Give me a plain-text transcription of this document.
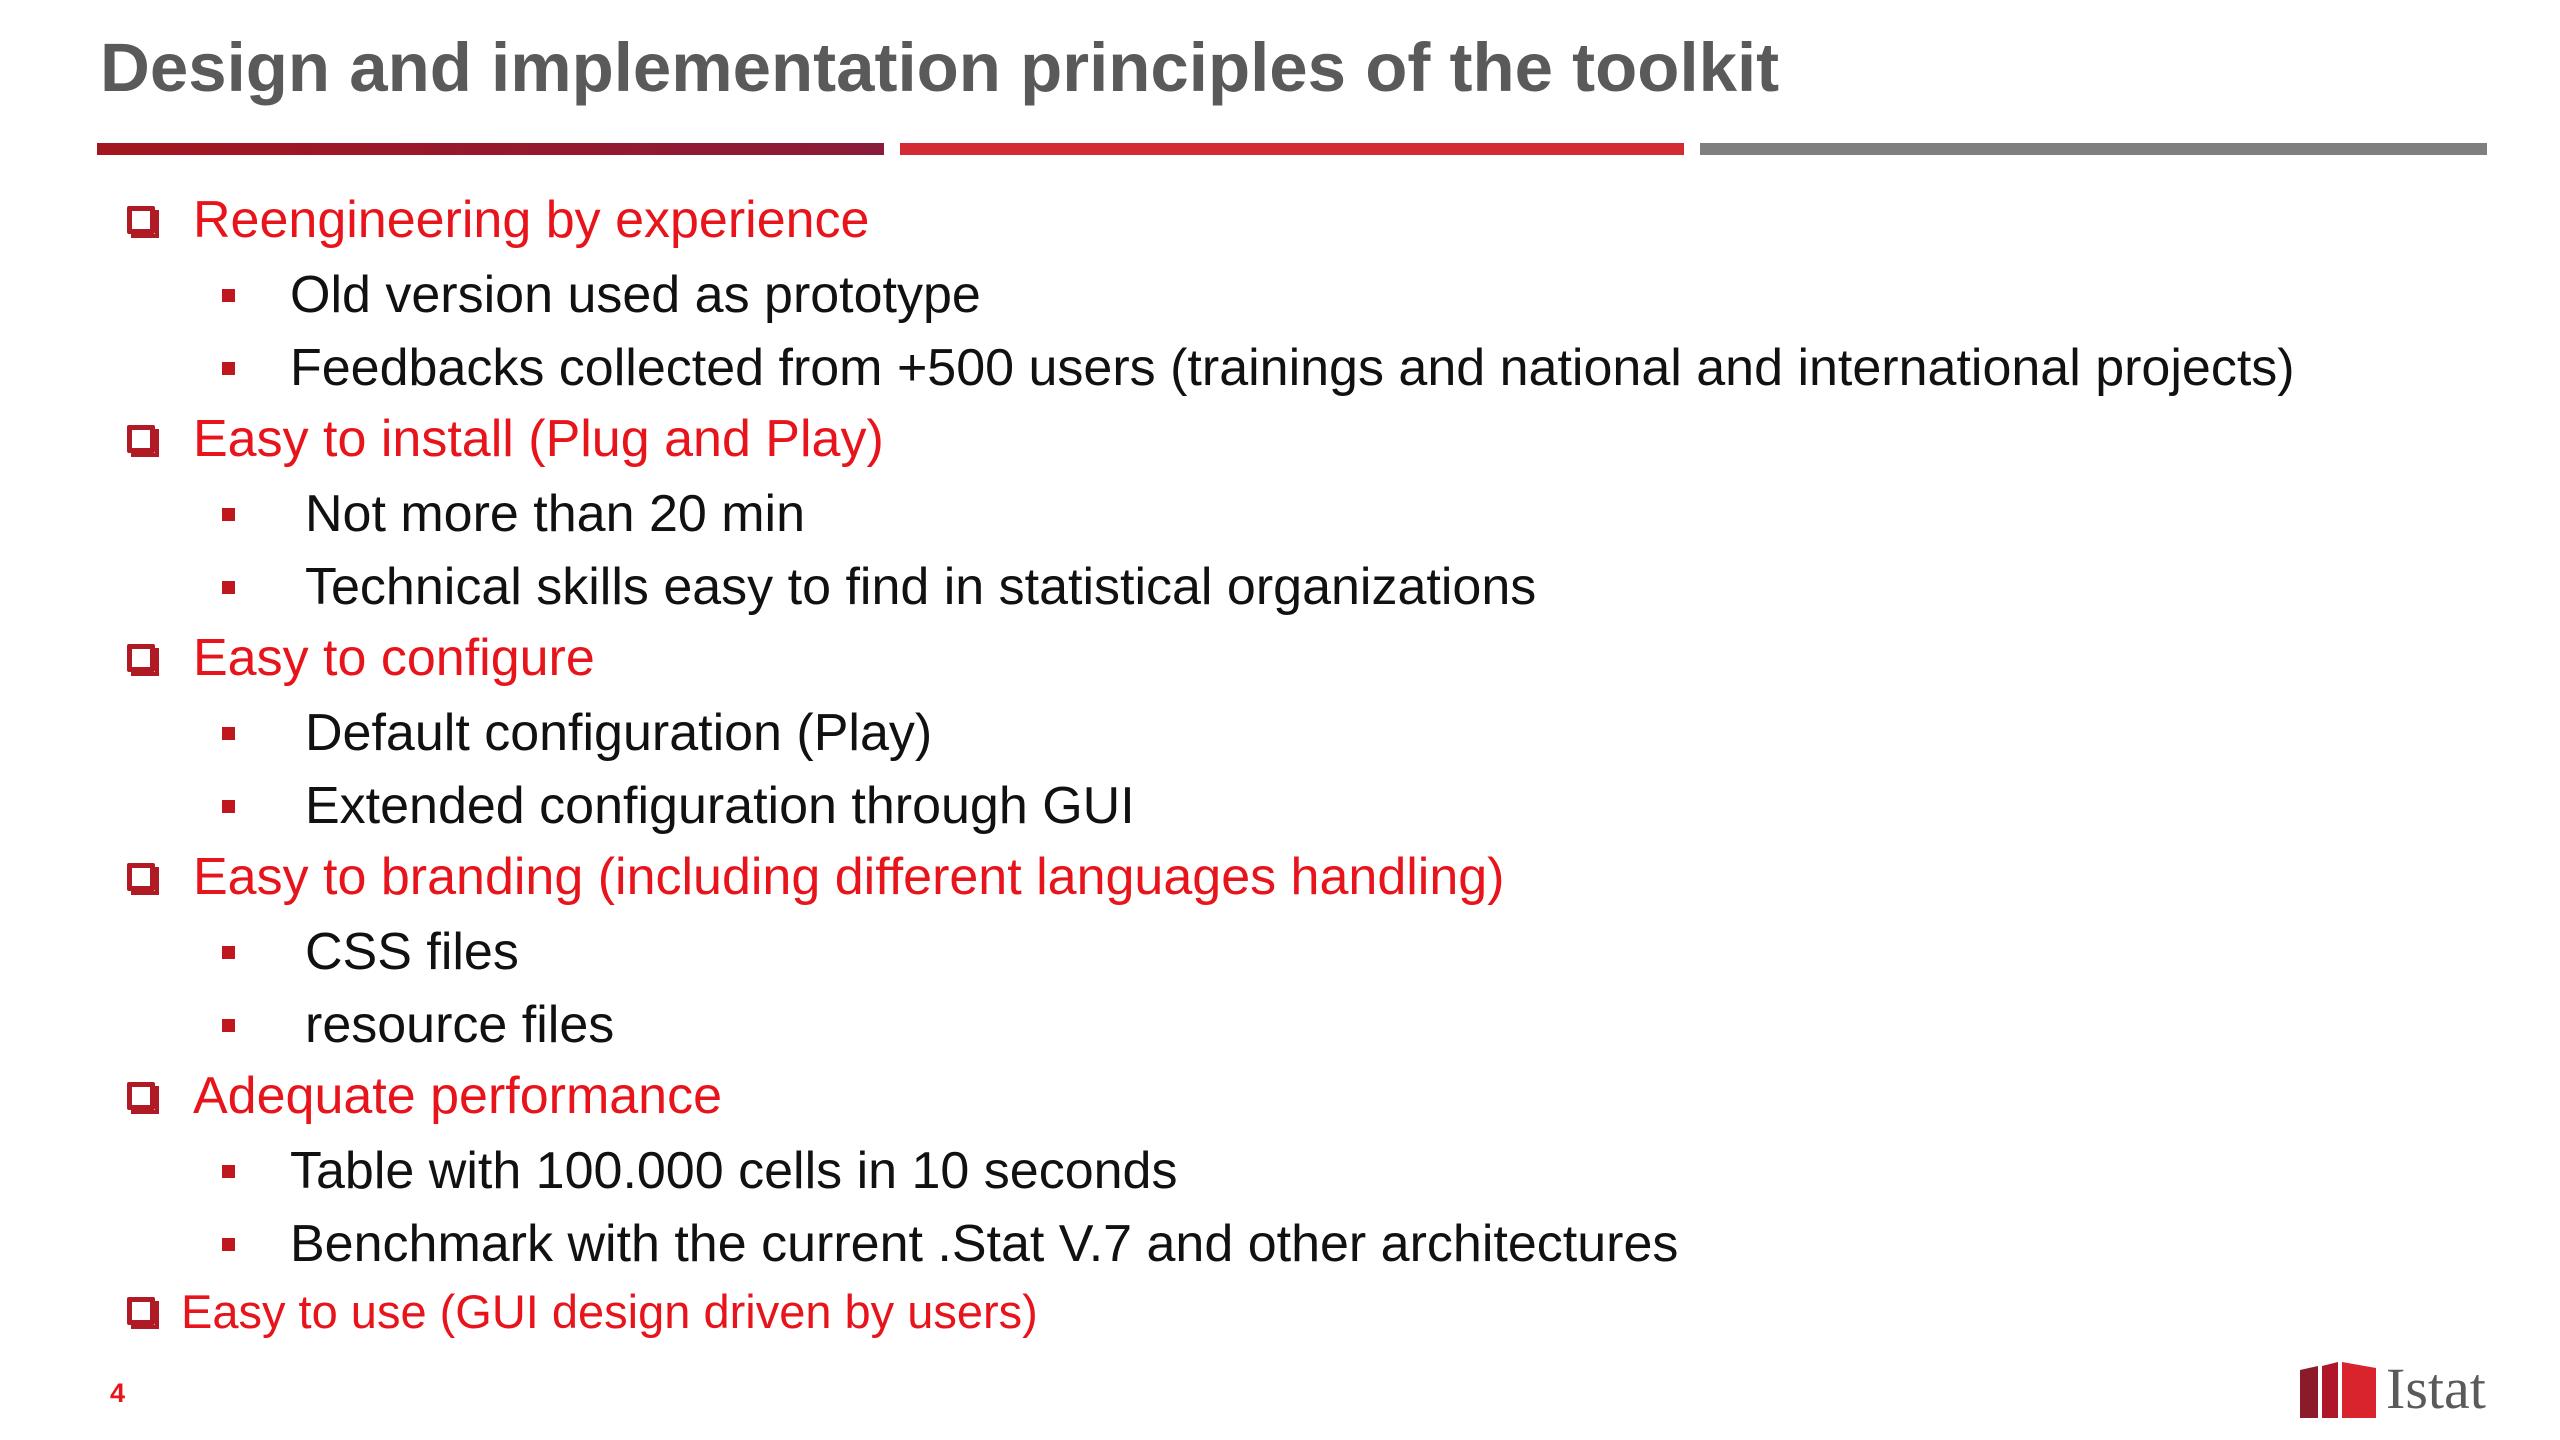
Design and implementation principles of the toolkit
Reengineering by experience
Old version used as prototype
Feedbacks collected from +500 users (trainings and national and international projects)
Easy to install (Plug and Play)
Not more than 20 min
Technical skills easy to find in statistical organizations
Easy to configure
Default configuration (Play)
Extended configuration through GUI
Easy to branding (including different languages handling)
CSS files
resource files
Adequate performance
Table with 100.000 cells in 10 seconds
Benchmark with the current .Stat V.7 and other architectures
Easy to use (GUI design driven by users)
4	Istat
